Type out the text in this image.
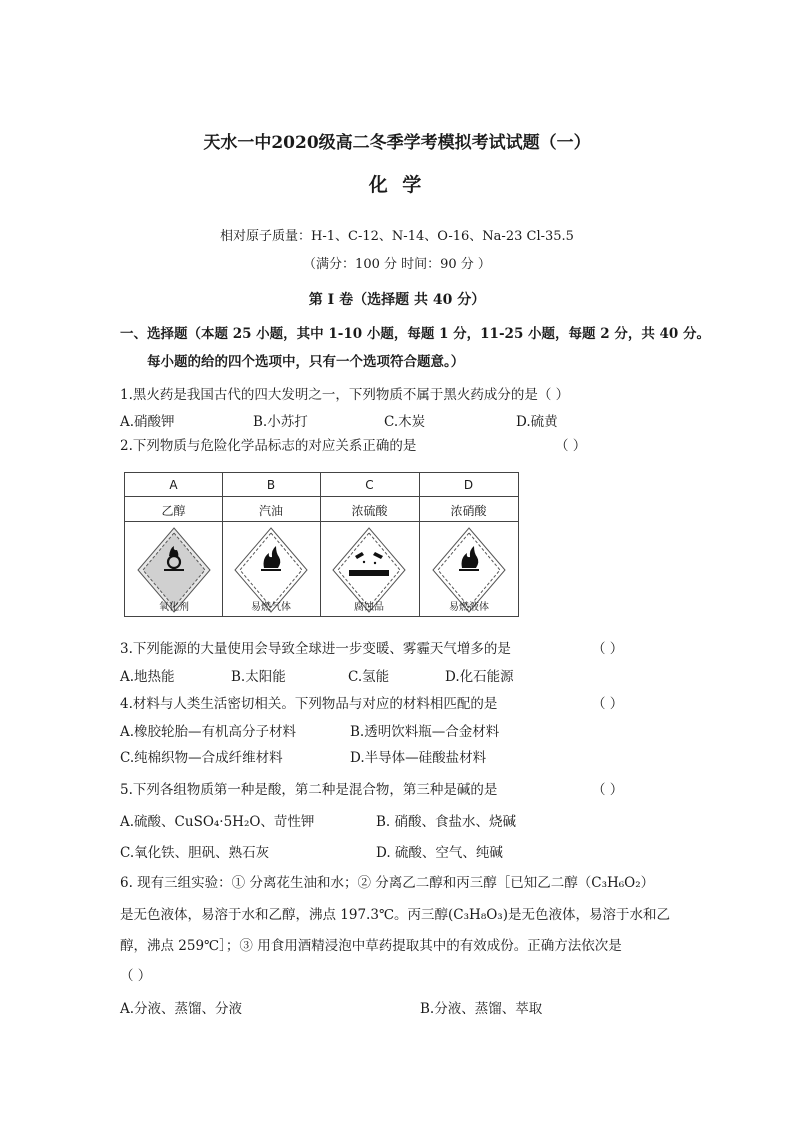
天水一中2020级高二冬季学考模拟考试试题（一）
化 学
相对原子质量：H-1、C-12、N-14、O-16、Na-23 Cl-35.5
（满分：100 分 时间：90 分 ）
第 I 卷（选择题 共 40 分）
一、选择题（本题 25 小题，其中 1-10 小题，每题 1 分，11-25 小题，每题 2 分，共 40 分。
每小题的给的四个选项中，只有一个选项符合题意。）
1.黑火药是我国古代的四大发明之一，下列物质不属于黑火药成分的是（ ）
A.硝酸钾	B.小苏打	C.木炭	D.硫黄
2.下列物质与危险化学品标志的对应关系正确的是	（ ）
A	B	C	D
乙醇	汽油	浓硫酸	浓硝酸
氧化剂	易燃气体	腐蚀品	易燃液体
3.下列能源的大量使用会导致全球进一步变暖、雾霾天气增多的是	（ ）
A.地热能	B.太阳能	C.氢能	D.化石能源
4.材料与人类生活密切相关。下列物品与对应的材料相匹配的是	（ ）
A.橡胶轮胎—有机高分子材料	B.透明饮料瓶—合金材料
C.纯棉织物—合成纤维材料	D.半导体—硅酸盐材料
5.下列各组物质第一种是酸，第二种是混合物，第三种是碱的是	（ ）
A.硫酸、CuSO₄·5H₂O、苛性钾	B. 硝酸、食盐水、烧碱
C.氧化铁、胆矾、熟石灰	D. 硫酸、空气、纯碱
6. 现有三组实验：① 分离花生油和水；② 分离乙二醇和丙三醇［已知乙二醇（C₃H₆O₂）
是无色液体，易溶于水和乙醇，沸点 197.3℃。丙三醇(C₃H₈O₃)是无色液体，易溶于水和乙
醇，沸点 259℃］；③ 用食用酒精浸泡中草药提取其中的有效成份。正确方法依次是
（ ）
A.分液、蒸馏、分液	B.分液、蒸馏、萃取
